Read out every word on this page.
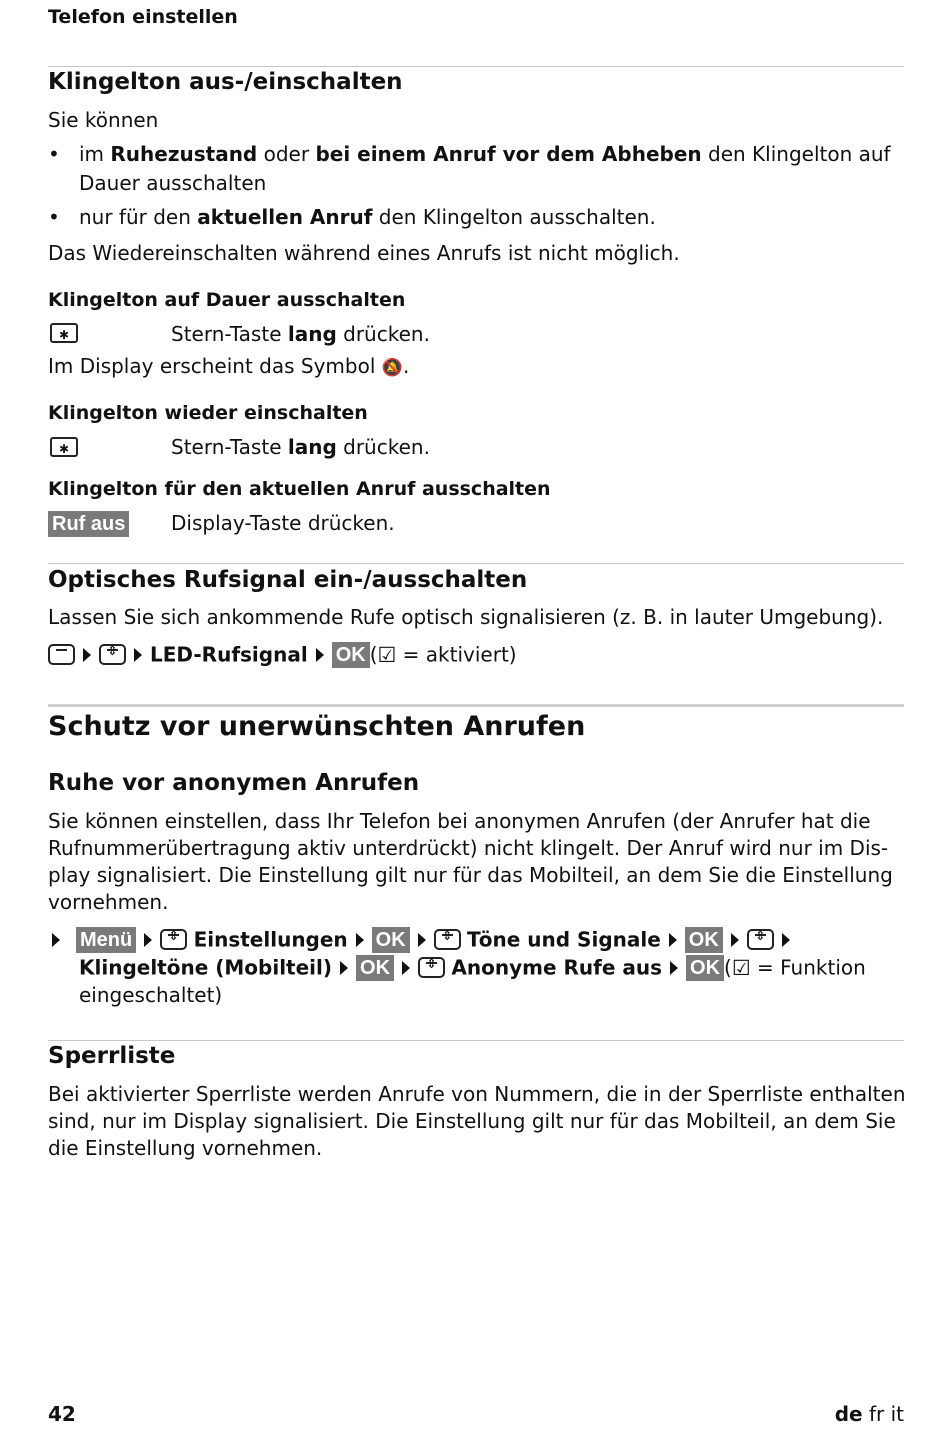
Telefon einstellen
Klingelton aus-/einschalten
Sie können
• im Ruhezustand oder bei einem Anruf vor dem Abheben den Klingelton auf
Dauer ausschalten
• nur für den aktuellen Anruf den Klingelton ausschalten.
Das Wiedereinschalten während eines Anrufs ist nicht möglich.
Klingelton auf Dauer ausschalten
✱	Stern-Taste lang drücken.
Im Display erscheint das Symbol 🔕.
Klingelton wieder einschalten
✱	Stern-Taste lang drücken.
Klingelton für den aktuellen Anruf ausschalten
Ruf aus Display-Taste drücken.
Optisches Rufsignal ein-/ausschalten
Lassen Sie sich ankommende Rufe optisch signalisieren (z. B. in lauter Umgebung).
⇕LED-Rufsignal OK (☑ = aktiviert)
Schutz vor unerwünschten Anrufen
Ruhe vor anonymen Anrufen
Sie können einstellen, dass Ihr Telefon bei anonymen Anrufen (der Anrufer hat die
Rufnummerübertragung aktiv unterdrückt) nicht klingelt. Der Anruf wird nur im Dis-
play signalisiert. Die Einstellung gilt nur für das Mobilteil, an dem Sie die Einstellung
vornehmen.
Menü ⇕	Einstellungen OK ⇕	Töne und Signale OK⇕
Klingeltöne (Mobilteil) OK ⇕	Anonyme Rufe aus OK (☑ = Funktion
eingeschaltet)
Sperrliste
Bei aktivierter Sperrliste werden Anrufe von Nummern, die in der Sperrliste enthalten
sind, nur im Display signalisiert. Die Einstellung gilt nur für das Mobilteil, an dem Sie
die Einstellung vornehmen.
42	de fr it
